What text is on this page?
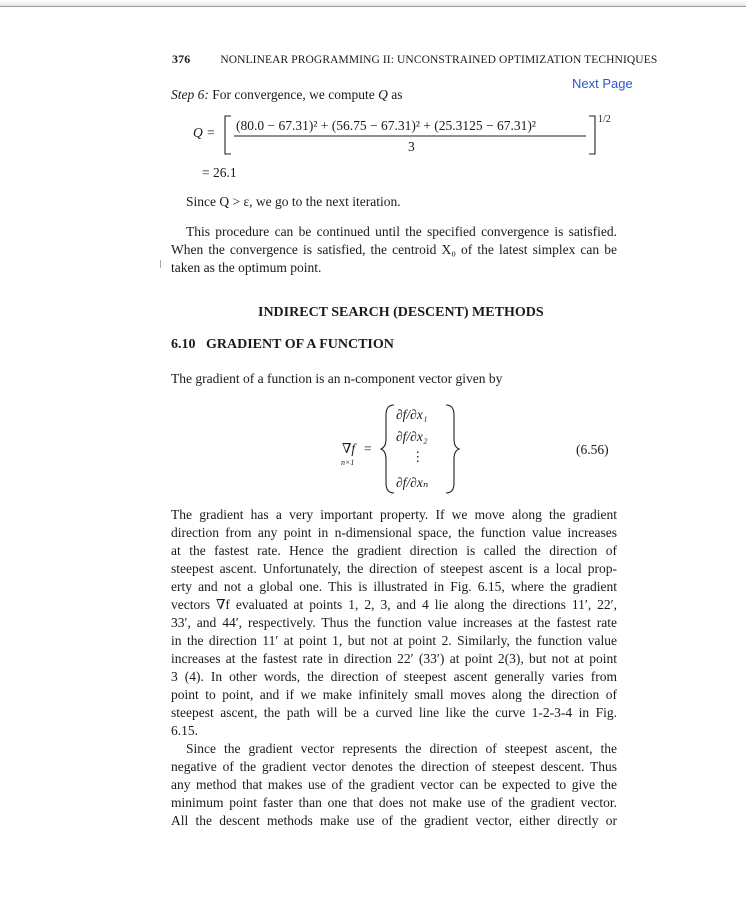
376	NONLINEAR PROGRAMMING II: UNCONSTRAINED OPTIMIZATION TECHNIQUES
Next Page
Step 6: For convergence, we compute Q as
Q = (80.0 − 67.31)² + (56.75 − 67.31)² + (25.3125 − 67.31)²
3
1/2
= 26.1
Since Q > ε, we go to the next iteration.
This procedure can be continued until the specified convergence is satisfied.
When the convergence is satisfied, the centroid X₀ of the latest simplex can be
taken as the optimum point.
INDIRECT SEARCH (DESCENT) METHODS
6.10 GRADIENT OF A FUNCTION
The gradient of a function is an n-component vector given by
∇f
n×1
=
∂f/∂x₁
∂f/∂x₂
⋮
∂f/∂xₙ
(6.56)
The gradient has a very important property. If we move along the gradient
direction from any point in n-dimensional space, the function value increases
at the fastest rate. Hence the gradient direction is called the direction of
steepest ascent. Unfortunately, the direction of steepest ascent is a local prop-
erty and not a global one. This is illustrated in Fig. 6.15, where the gradient
vectors ∇f evaluated at points 1, 2, 3, and 4 lie along the directions 11′, 22′,
33′, and 44′, respectively. Thus the function value increases at the fastest rate
in the direction 11′ at point 1, but not at point 2. Similarly, the function value
increases at the fastest rate in direction 22′ (33′) at point 2(3), but not at point
3 (4). In other words, the direction of steepest ascent generally varies from
point to point, and if we make infinitely small moves along the direction of
steepest ascent, the path will be a curved line like the curve 1-2-3-4 in Fig.
6.15.
Since the gradient vector represents the direction of steepest ascent, the
negative of the gradient vector denotes the direction of steepest descent. Thus
any method that makes use of the gradient vector can be expected to give the
minimum point faster than one that does not make use of the gradient vector.
All the descent methods make use of the gradient vector, either directly or
